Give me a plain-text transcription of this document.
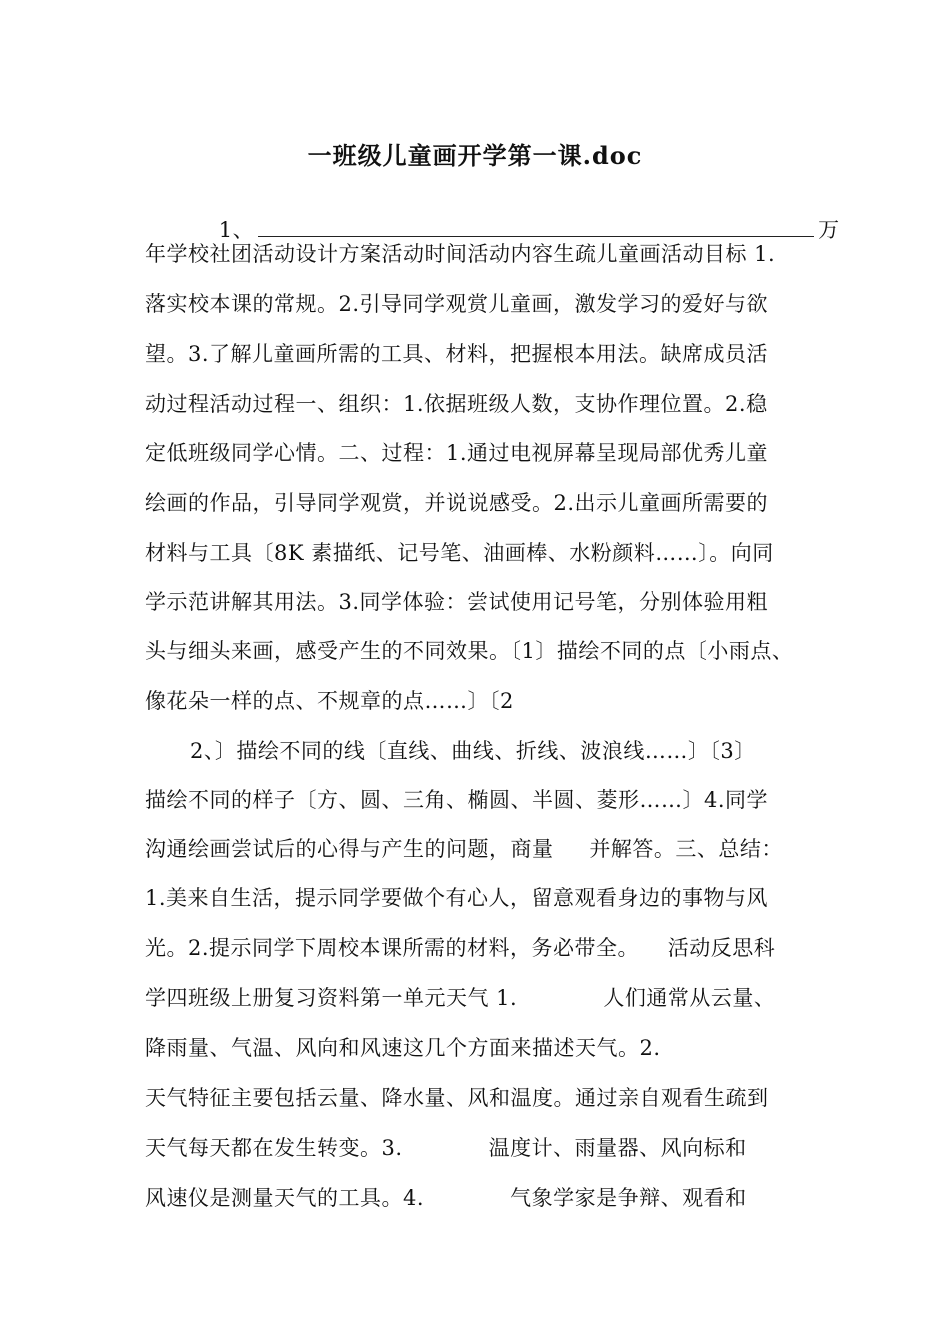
一班级儿童画开学第一课.doc

1、	万

年学校社团活动设计方案活动时间活动内容生疏儿童画活动目标 1.
落实校本课的常规。2.引导同学观赏儿童画，激发学习的爱好与欲
望。3.了解儿童画所需的工具、材料，把握根本用法。缺席成员活
动过程活动过程一、组织：1.依据班级人数，支协作理位置。2.稳
定低班级同学心情。二、过程：1.通过电视屏幕呈现局部优秀儿童
绘画的作品，引导同学观赏，并说说感受。2.出示儿童画所需要的
材料与工具〔8K 素描纸、记号笔、油画棒、水粉颜料……〕。向同
学示范讲解其用法。3.同学体验：尝试使用记号笔，分别体验用粗
头与细头来画，感受产生的不同效果。〔1〕描绘不同的点〔小雨点、
像花朵一样的点、不规章的点……〕〔2
2、〕描绘不同的线〔直线、曲线、折线、波浪线……〕〔3〕
描绘不同的样子〔方、圆、三角、椭圆、半圆、菱形……〕4.同学
沟通绘画尝试后的心得与产生的问题，商量     并解答。三、总结：
1.美来自生活，提示同学要做个有心人，留意观看身边的事物与风
光。2.提示同学下周校本课所需的材料，务必带全。    活动反思科
学四班级上册复习资料第一单元天气 1.            人们通常从云量、
降雨量、气温、风向和风速这几个方面来描述天气。2.
天气特征主要包括云量、降水量、风和温度。通过亲自观看生疏到
天气每天都在发生转变。3.            温度计、雨量器、风向标和
风速仪是测量天气的工具。4.            气象学家是争辩、观看和
